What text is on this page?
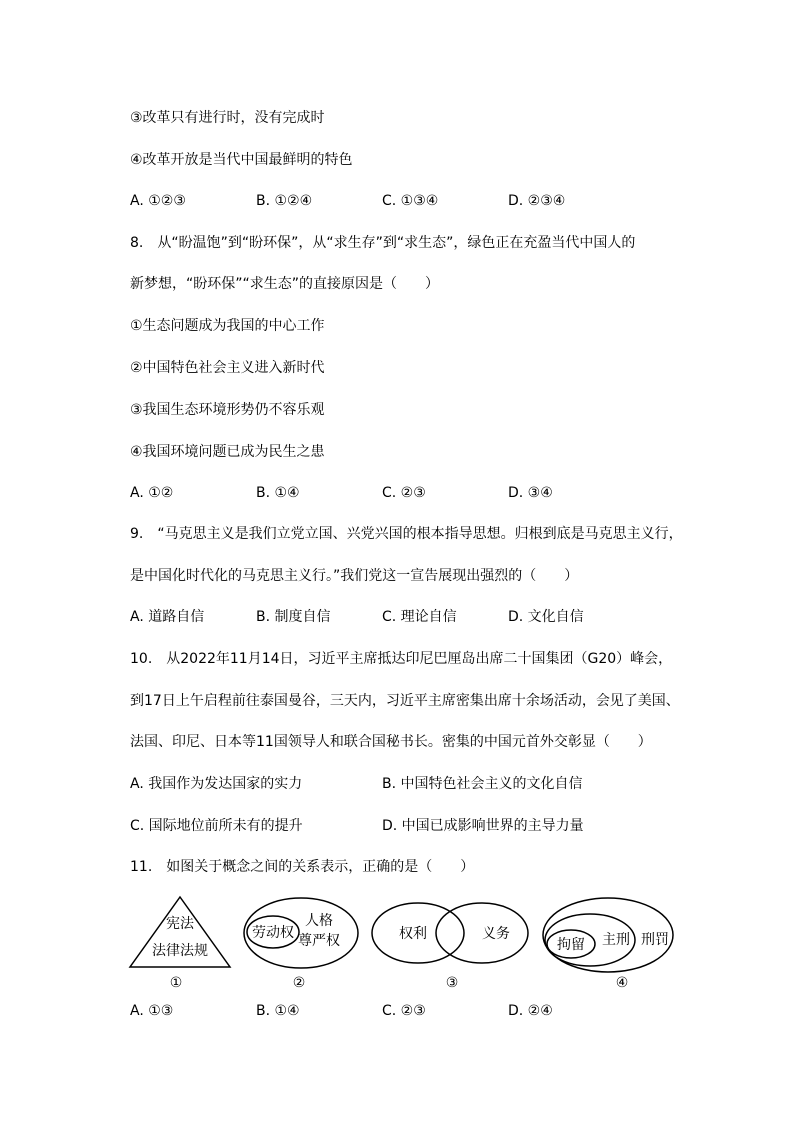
③改革只有进行时，没有完成时
④改革开放是当代中国最鲜明的特色
A. ①②③	B. ①②④	C. ①③④	D. ②③④
8.　从“盼温饱”到“盼环保”，从“求生存”到“求生态”，绿色正在充盈当代中国人的
新梦想，“盼环保”“求生态”的直接原因是（　　）
①生态问题成为我国的中心工作
②中国特色社会主义进入新时代
③我国生态环境形势仍不容乐观
④我国环境问题已成为民生之患
A. ①②	B. ①④	C. ②③	D. ③④
9.　“马克思主义是我们立党立国、兴党兴国的根本指导思想。归根到底是马克思主义行，
是中国化时代化的马克思主义行。”我们党这一宣告展现出强烈的（　　）
A. 道路自信	B. 制度自信	C. 理论自信	D. 文化自信
10.　从2022年11月14日，习近平主席抵达印尼巴厘岛出席二十国集团（G20）峰会，
到17日上午启程前往泰国曼谷，三天内，习近平主席密集出席十余场活动，会见了美国、
法国、印尼、日本等11国领导人和联合国秘书长。密集的中国元首外交彰显（　　）
A. 我国作为发达国家的实力	B. 中国特色社会主义的文化自信
C. 国际地位前所未有的提升	D. 中国已成影响世界的主导力量
11.　如图关于概念之间的关系表示，正确的是（　　）
宪法
法律法规
①
劳动权
人格
尊严权
②
权利	义务
③
拘留 主刑 刑罚
④
A. ①③	B. ①④	C. ②③	D. ②④
